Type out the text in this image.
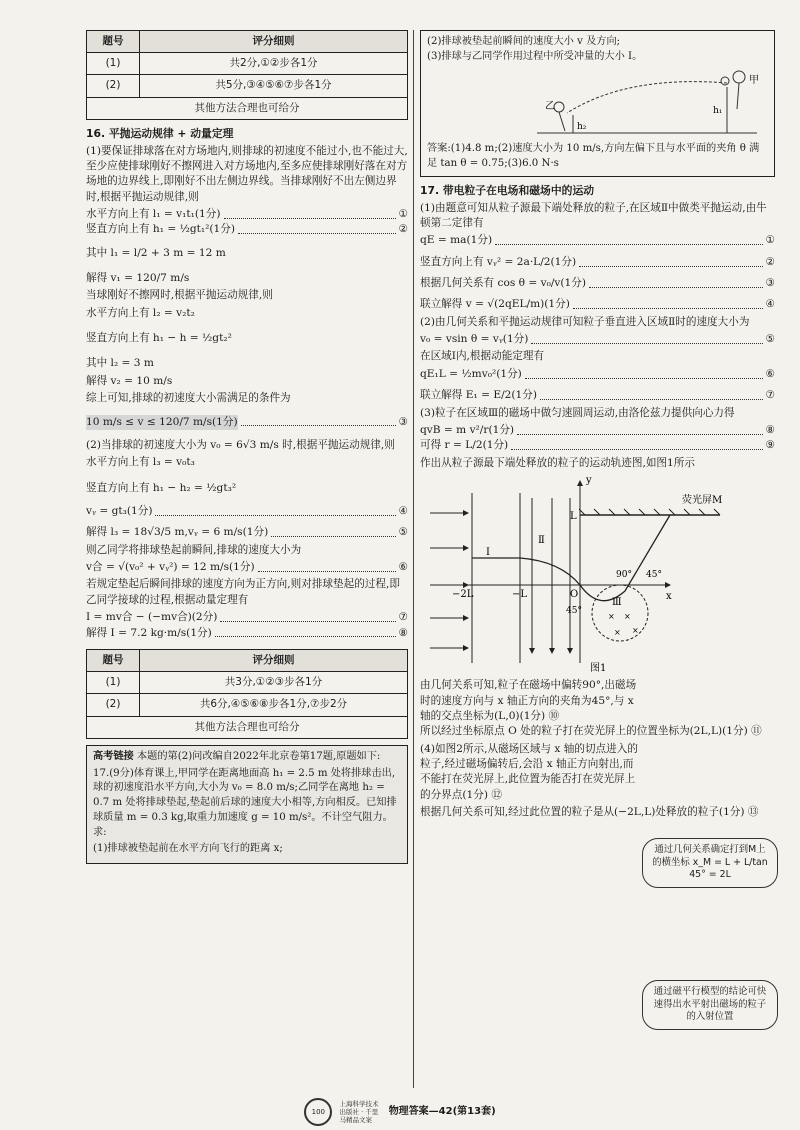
题号	评分细则
(1)	共2分,①②步各1分
(2)	共5分,③④⑤⑥⑦步各1分
其他方法合理也可给分	
16. 平抛运动规律 + 动量定理
(1)要保证排球落在对方场地内,则排球的初速度不能过小,也不能过大,至少应使排球刚好不擦网进入对方场地内,至多应使排球刚好落在对方场地的边界线上,即刚好不出左侧边界线。当排球刚好不出左侧边界时,根据平抛运动规律,则
水平方向上有 l₁ = v₁t₁(1分)	①
竖直方向上有 h₁ = ½gt₁²(1分)	②
其中 l₁ = l/2 + 3 m = 12 m
解得 v₁ = 120/7 m/s
当球刚好不擦网时,根据平抛运动规律,则
水平方向上有 l₂ = v₂t₂
竖直方向上有 h₁ − h = ½gt₂²
其中 l₂ = 3 m
解得 v₂ = 10 m/s
综上可知,排球的初速度大小需满足的条件为
10 m/s ≤ v ≤ 120/7 m/s(1分)	③
(2)当排球的初速度大小为 v₀ = 6√3 m/s 时,根据平抛运动规律,则
水平方向上有 l₃ = v₀t₃
竖直方向上有 h₁ − h₂ = ½gt₃²
vᵧ = gt₃(1分)	④
解得 l₃ = 18√3/5 m,vᵧ = 6 m/s(1分)	⑤
则乙同学将排球垫起前瞬间,排球的速度大小为
v合 = √(v₀² + vᵧ²) = 12 m/s(1分)	⑥
若规定垫起后瞬间排球的速度方向为正方向,则对排球垫起的过程,即乙同学接球的过程,根据动量定理有
I = mv合 − (−mv合)(2分)	⑦
解得 I = 7.2 kg·m/s(1分)	⑧
题号	评分细则
(1)	共3分,①②③步各1分
(2)	共6分,④⑤⑥⑧步各1分,⑦步2分
其他方法合理也可给分	
高考链接 本题的第(2)问改编自2022年北京卷第17题,原题如下:
17.(9分)体育课上,甲同学在距离地面高 h₁ = 2.5 m 处将排球击出,球的初速度沿水平方向,大小为 v₀ = 8.0 m/s;乙同学在离地 h₂ = 0.7 m 处将排球垫起,垫起前后球的速度大小相等,方向相反。已知排球质量 m = 0.3 kg,取重力加速度 g = 10 m/s²。不计空气阻力。求:
(1)排球被垫起前在水平方向飞行的距离 x;
(2)排球被垫起前瞬间的速度大小 v 及方向;
(3)排球与乙同学作用过程中所受冲量的大小 I。
甲
乙	h₁
h₂
答案:(1)4.8 m;(2)速度大小为 10 m/s,方向左偏下且与水平面的夹角 θ 满足 tan θ = 0.75;(3)6.0 N·s
17. 带电粒子在电场和磁场中的运动
(1)由题意可知从粒子源最下端处释放的粒子,在区域Ⅱ中做类平抛运动,由牛顿第二定律有
qE = ma(1分)	①
竖直方向上有 vᵧ² = 2a·L/2(1分)	②
根据几何关系有 cos θ = v₀/v(1分)	③
联立解得 v = √(2qEL/m)(1分)	④
(2)由几何关系和平抛运动规律可知粒子垂直进入区域Ⅱ时的速度大小为
v₀ = vsin θ = vᵧ(1分)	⑤
在区域Ⅰ内,根据动能定理有
qE₁L = ½mv₀²(1分)	⑥
联立解得 E₁ = E/2(1分)	⑦
(3)粒子在区域Ⅲ的磁场中做匀速圆周运动,由洛伦兹力提供向心力得
qvB = m v²/r(1分)	⑧
可得 r = L/2(1分)	⑨
作出从粒子源最下端处释放的粒子的运动轨迹图,如图1所示
× ×
× ×
荧光屏M
y
x
L
O
−L
−2L
Ⅰ
Ⅱ
Ⅲ
90° 45°
45°
图1
由几何关系可知,粒子在磁场中偏转90°,出磁场时的速度方向与 x 轴正方向的夹角为45°,与 x 轴的交点坐标为(L,0)(1分) ⑩
通过几何关系确定打到M上的横坐标 x_M = L + L/tan 45° = 2L
所以经过坐标原点 O 处的粒子打在荧光屏上的位置坐标为(2L,L)(1分) ⑪
(4)如图2所示,从磁场区域与 x 轴的切点进入的粒子,经过磁场偏转后,会沿 x 轴正方向射出,而不能打在荧光屏上,此位置为能否打在荧光屏上的分界点(1分) ⑫
通过磁平行模型的结论可快速得出水平射出磁场的粒子的入射位置
根据几何关系可知,经过此位置的粒子是从(−2L,L)处释放的粒子(1分) ⑬
100 上海科学技术出版社 · 千里马精品文案 物理答案—42(第13套)
